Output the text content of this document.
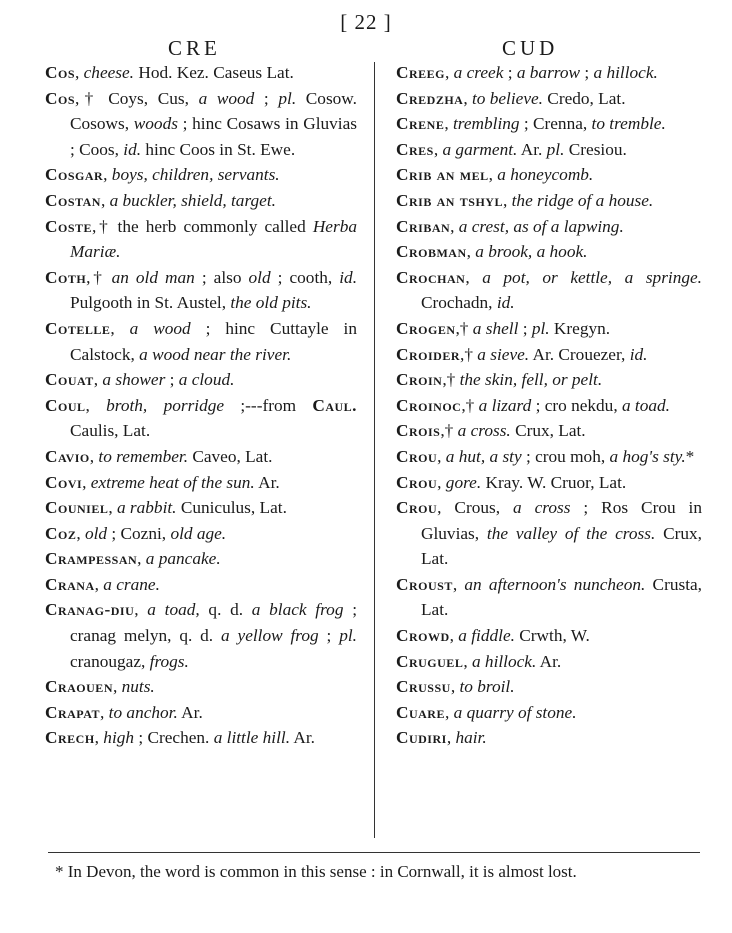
[ 22 ]
CRE	CUD

Cos, cheese. Hod. Kez. Caseus Lat.

Cos,† Coys, Cus, a wood ; pl. Cosow. Cosows, woods ; hinc Cosaws in Gluvias ; Coos, id. hinc Coos in St. Ewe.

Cosgar, boys, children, servants.

Costan, a buckler, shield, target.

Coste,† the herb commonly called Herba Mariæ.

Coth,† an old man ; also old ; cooth, id. Pulgooth in St. Austel, the old pits.

Cotelle, a wood ; hinc Cuttayle in Calstock, a wood near the river.

Couat, a shower ; a cloud.

Coul, broth, porridge ;---from Caul. Caulis, Lat.

Cavio, to remember. Caveo, Lat.

Covi, extreme heat of the sun. Ar.

Couniel, a rabbit. Cuniculus, Lat.

Coz, old ; Cozni, old age.

Crampessan, a pancake.

Crana, a crane.

Cranag-diu, a toad, q. d. a black frog ; cranag melyn, q. d. a yellow frog ; pl. cranougaz, frogs.

Craouen, nuts.

Crapat, to anchor. Ar.

Crech, high ; Crechen. a little hill. Ar.

Creeg, a creek ; a barrow ; a hillock.

Credzha, to believe. Credo, Lat.

Crene, trembling ; Crenna, to tremble.

Cres, a garment. Ar. pl. Cresiou.

Crib an mel, a honeycomb.

Crib an tshyl, the ridge of a house.

Criban, a crest, as of a lapwing.

Crobman, a brook, a hook.

Crochan, a pot, or kettle, a springe. Crochadn, id.

Crogen,† a shell ; pl. Kregyn.

Croider,† a sieve. Ar. Crouezer, id.

Croin,† the skin, fell, or pelt.

Croinoc,† a lizard ; cro nekdu, a toad.

Crois,† a cross. Crux, Lat.

Crou, a hut, a sty ; crou moh, a hog's sty.*

Crou, gore. Kray. W. Cruor, Lat.

Crou, Crous, a cross ; Ros Crou in Gluvias, the valley of the cross. Crux, Lat.

Croust, an afternoon's nuncheon. Crusta, Lat.

Crowd, a fiddle. Crwth, W.

Cruguel, a hillock. Ar.

Crussu, to broil.

Cuare, a quarry of stone.

Cudiri, hair.

* In Devon, the word is common in this sense : in Cornwall, it is almost lost.
